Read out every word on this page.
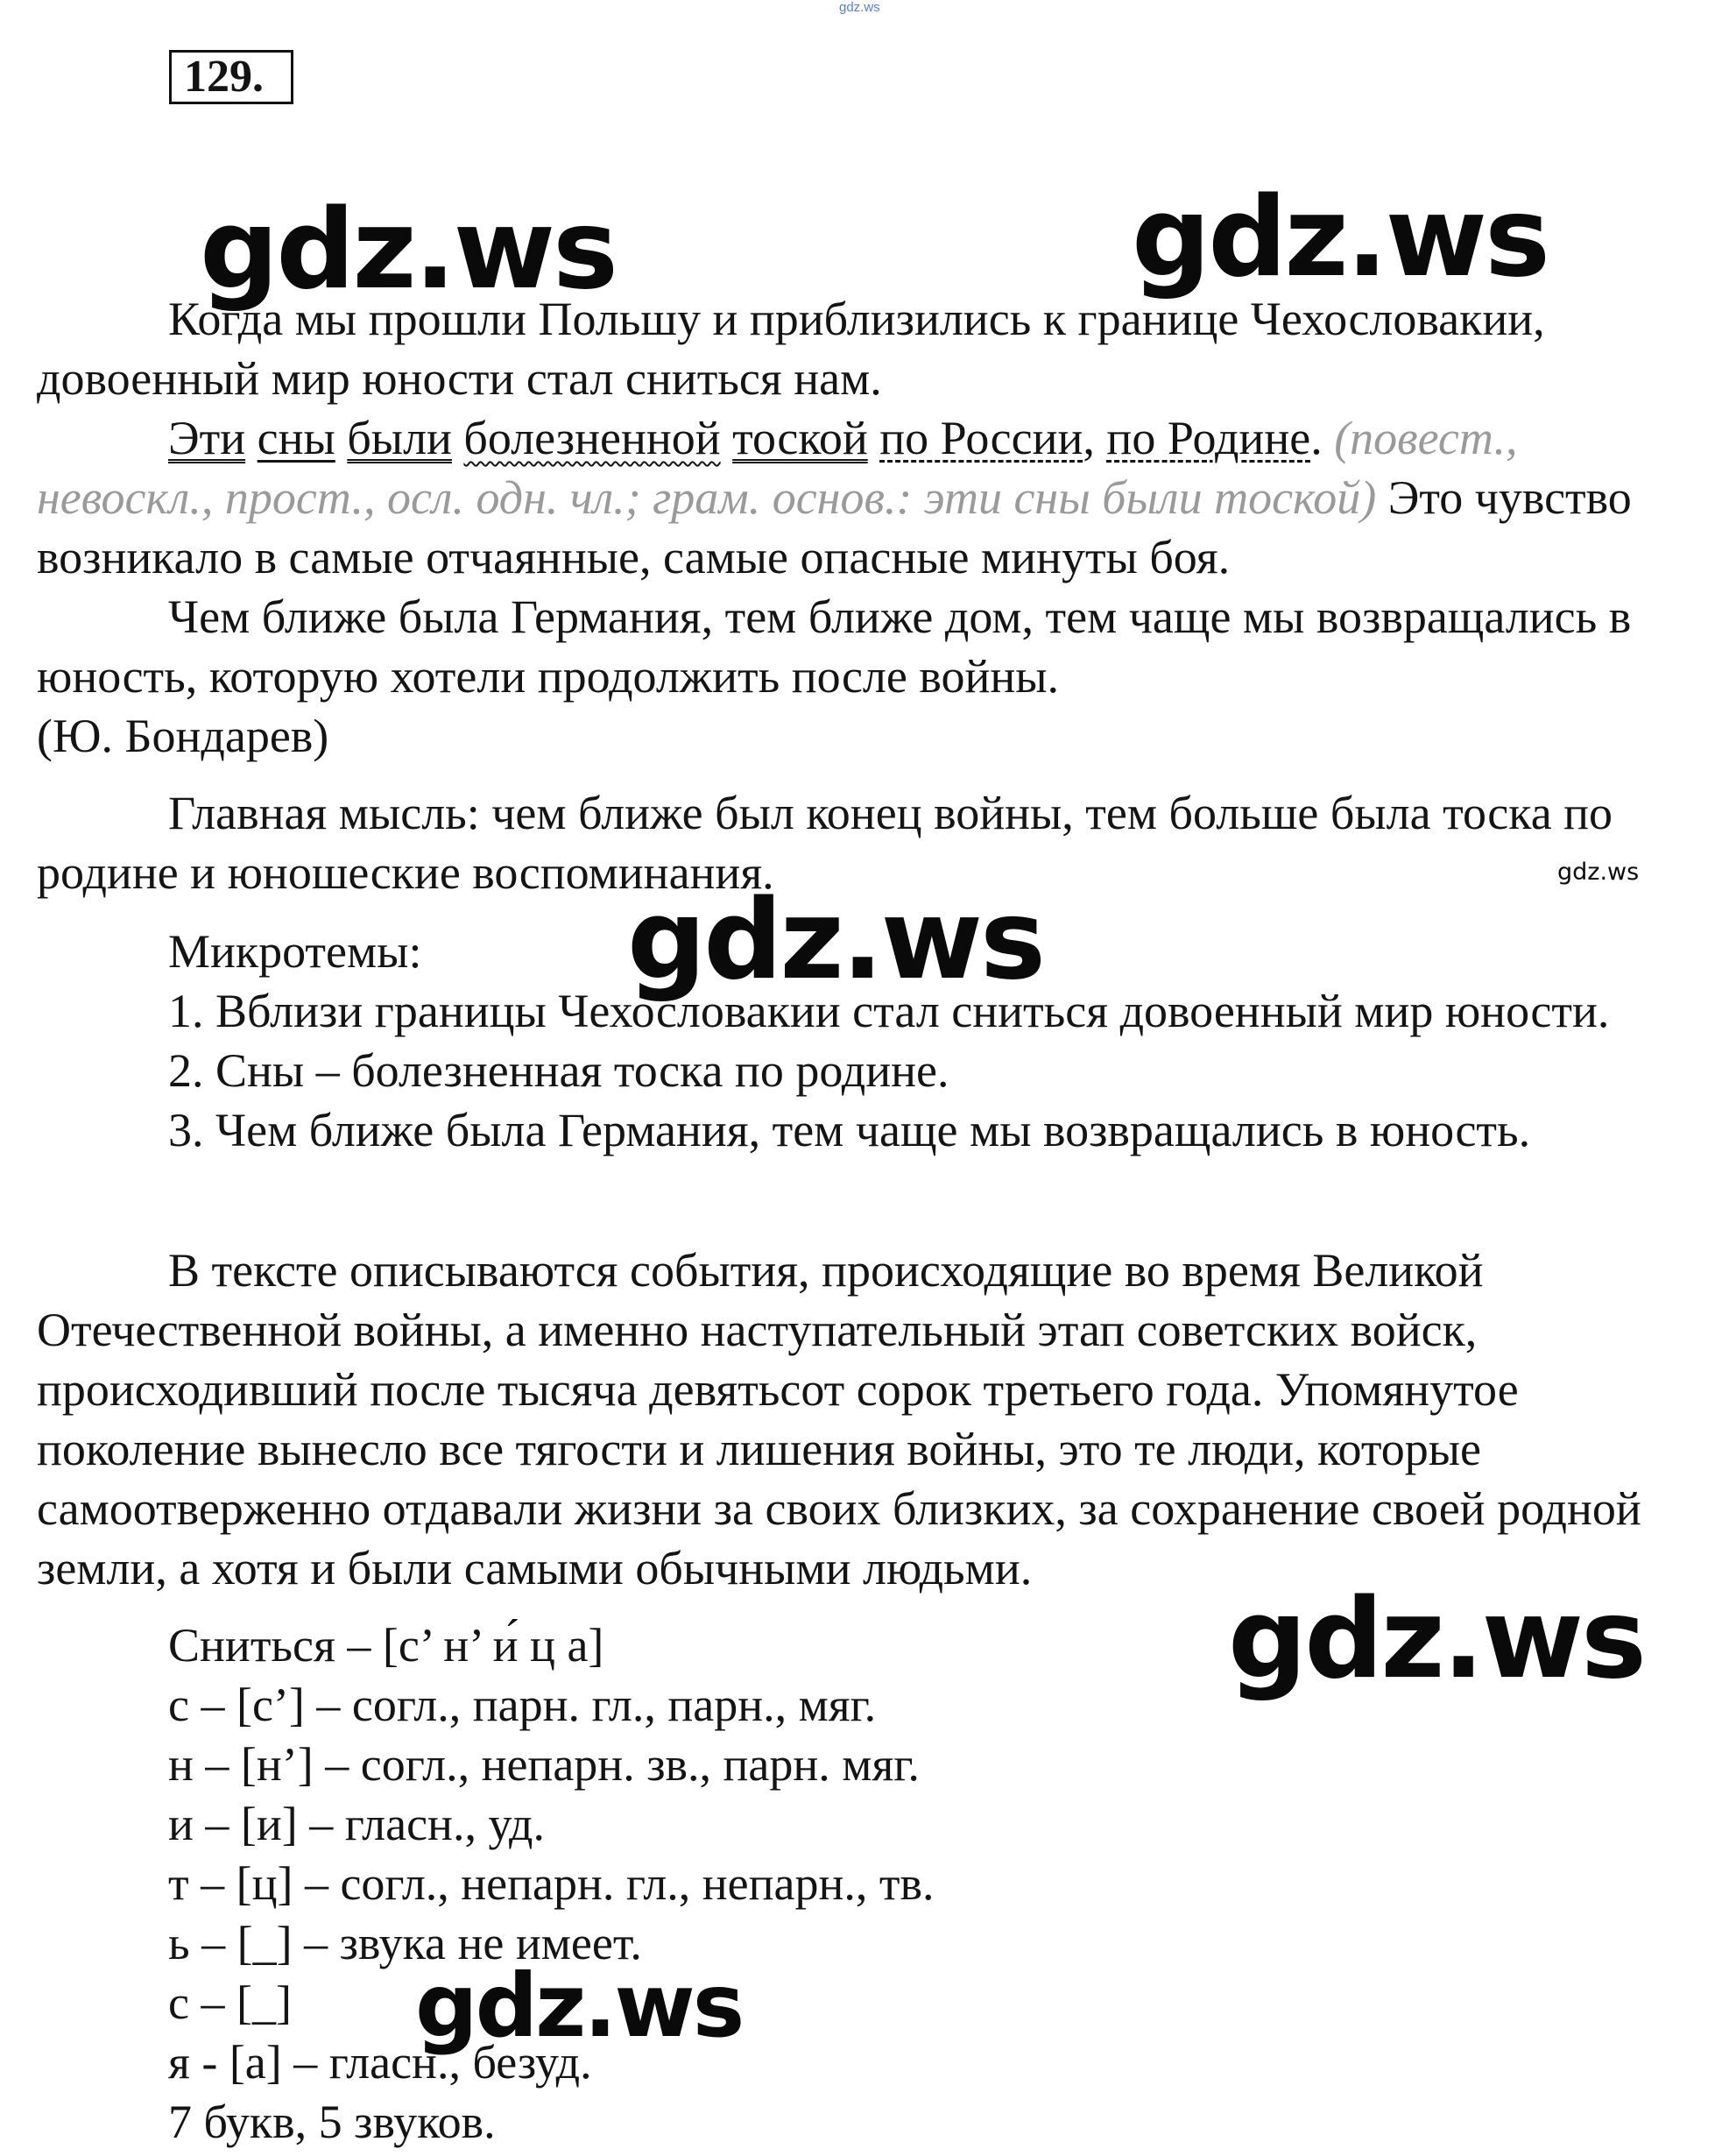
gdz.ws
129.

Когда мы прошли Польшу и приблизились к границе Чехословакии, довоенный мир юности стал сниться нам.

Эти сны были болезненной тоской по России, по Родине. (повест., невоскл., прост., осл. одн. чл.; грам. основ.: эти сны были тоской) Это чувство возникало в самые отчаянные, самые опасные минуты боя.

Чем ближе была Германия, тем ближе дом, тем чаще мы возвращались в юность, которую хотели продолжить после войны.

(Ю. Бондарев)

Главная мысль: чем ближе был конец войны, тем больше была тоска по родине и юношеские воспоминания.

Микротемы:

1. Вблизи границы Чехословакии стал сниться довоенный мир юности.

2. Сны – болезненная тоска по родине.

3. Чем ближе была Германия, тем чаще мы возвращались в юность.

В тексте описываются события, происходящие во время Великой Отечественной войны, а именно наступательный этап советских войск, происходивший после тысяча девятьсот сорок третьего года. Упомянутое поколение вынесло все тягости и лишения войны, это те люди, которые самоотверженно отдавали жизни за своих близких, за сохранение своей родной земли, а хотя и были самыми обычными людьми.

Сниться – [с’ н’ и́ ц а]
с – [с’] – согл., парн. гл., парн., мяг.
н – [н’] – согл., непарн. зв., парн. мяг.
и – [и] – гласн., уд.
т – [ц] – согл., непарн. гл., непарн., тв.
ь – [_] – звука не имеет.
с – [_]
я - [а] – гласн., безуд.
7 букв, 5 звуков.
gdz.ws	gdz.ws
gdz.ws
gdz.ws
gdz.ws
gdz.ws
